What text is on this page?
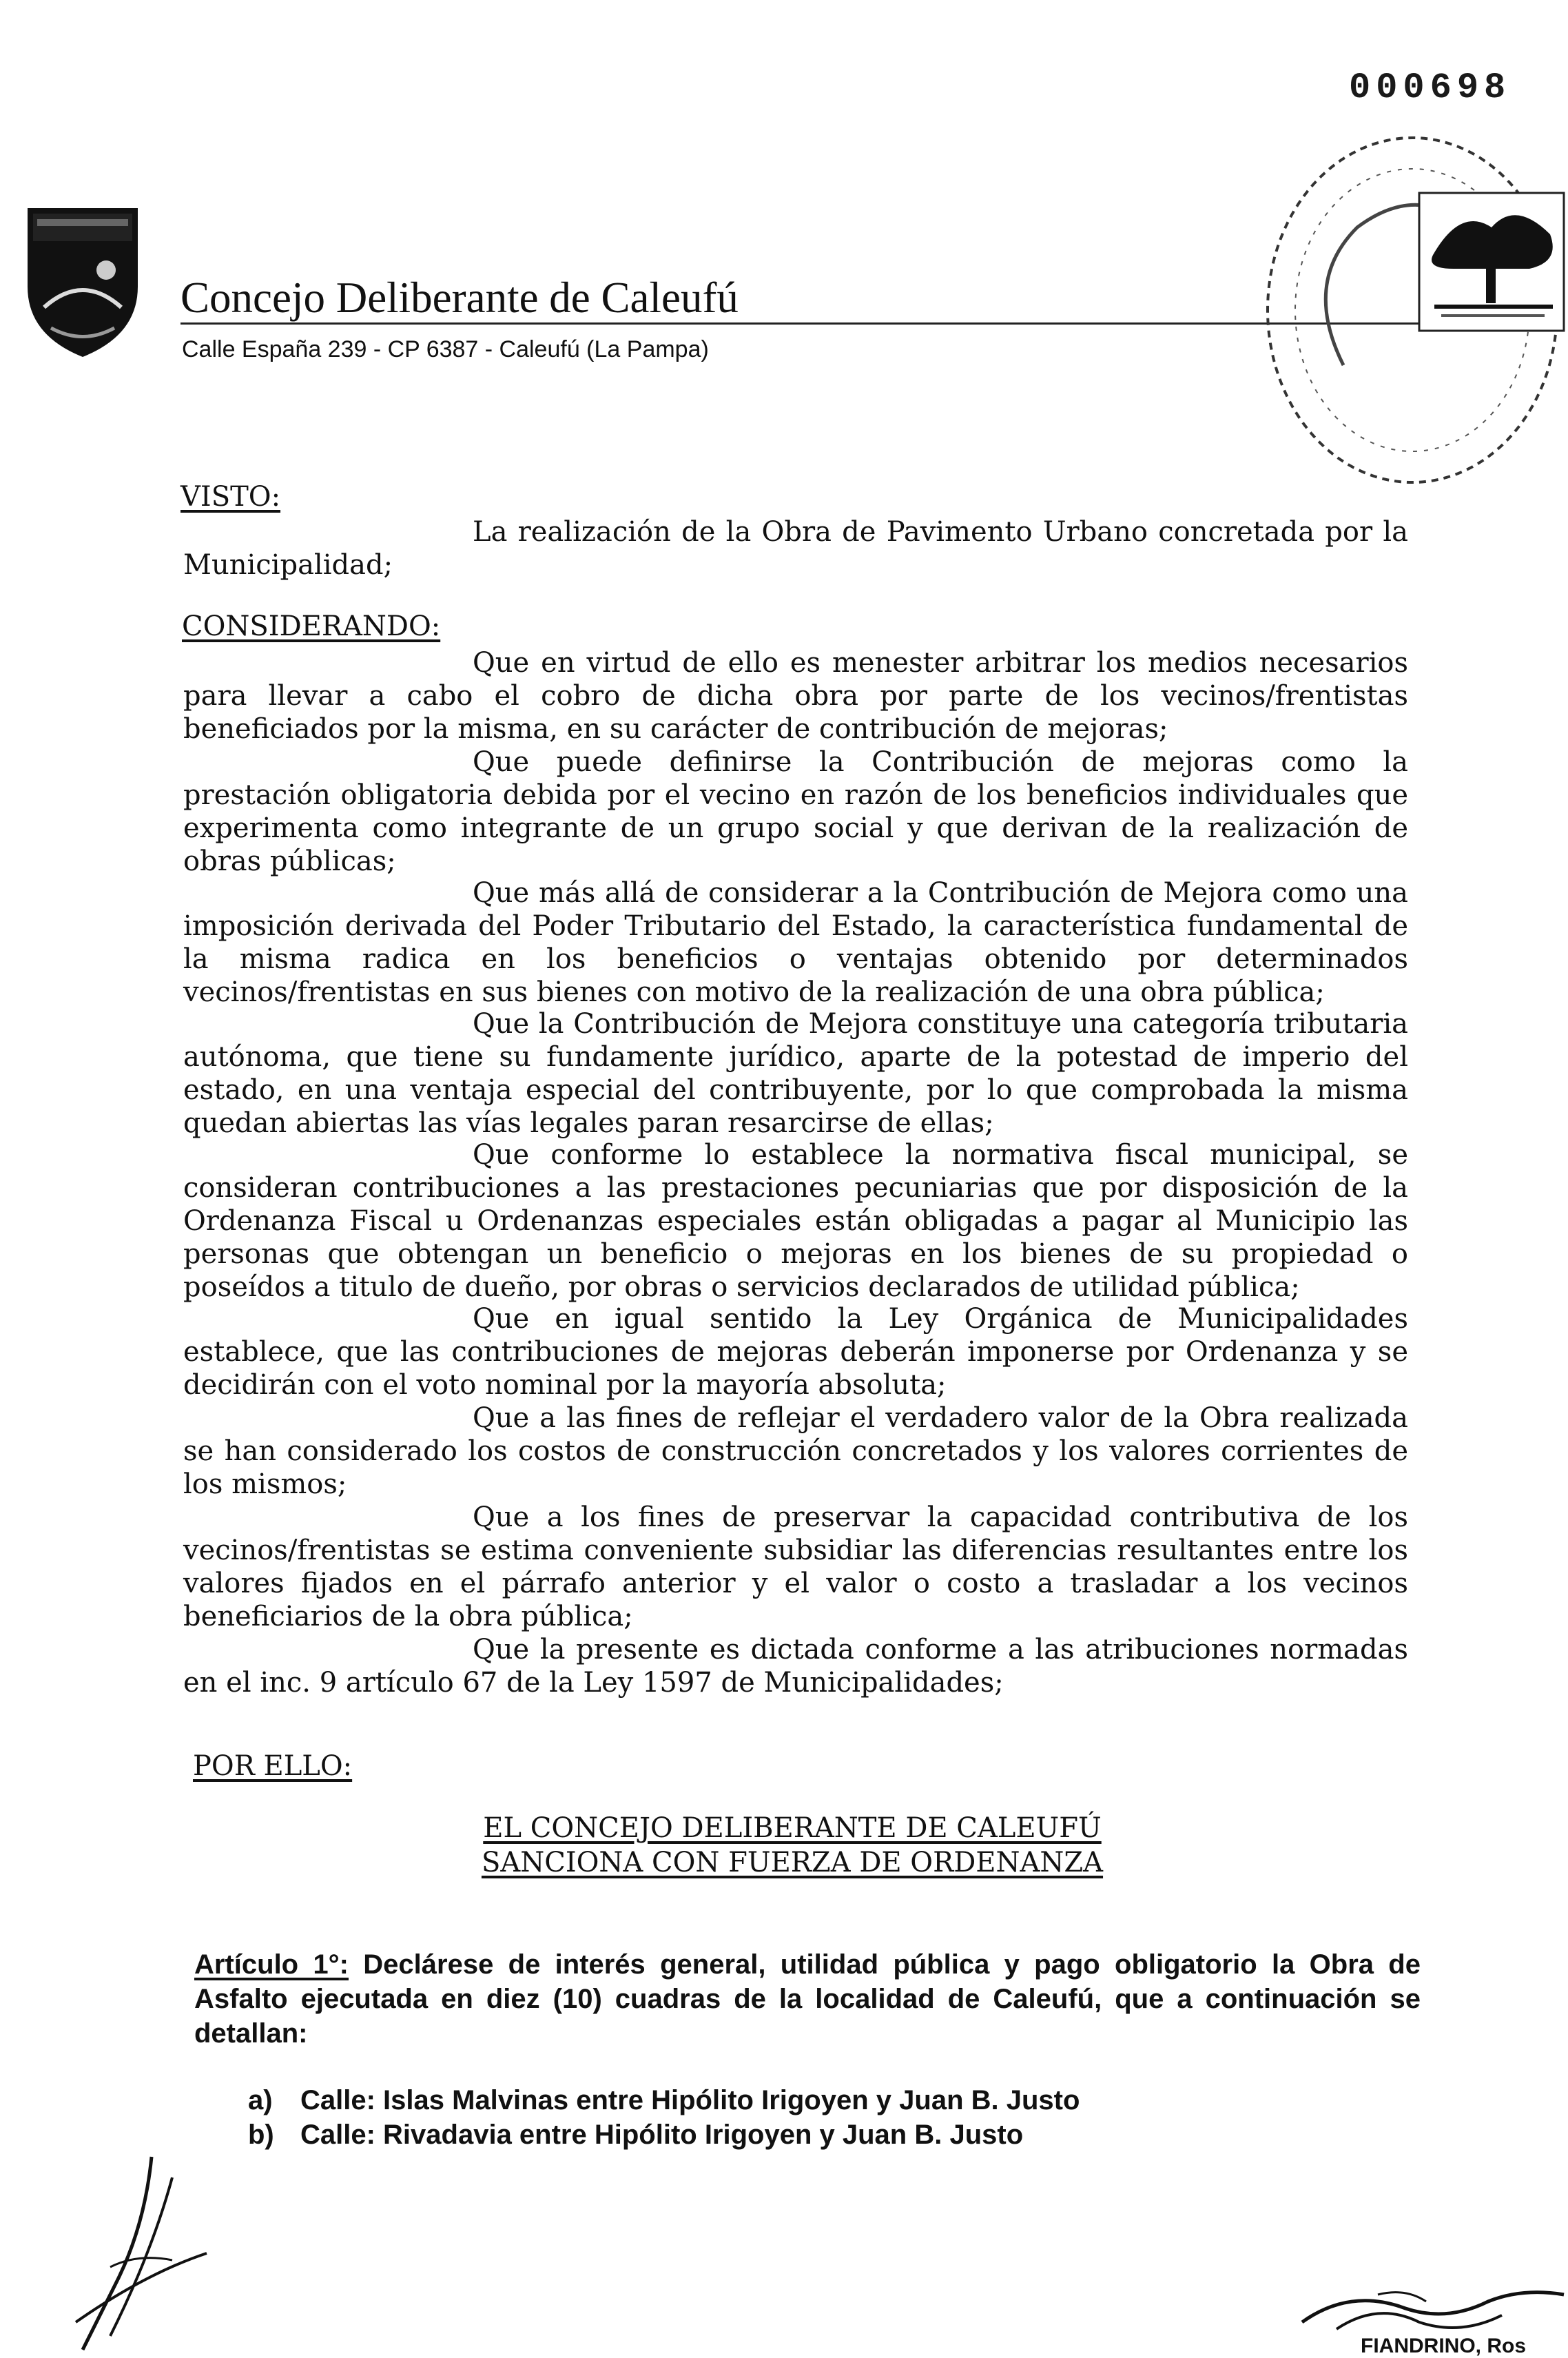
000698
Concejo Deliberante de Caleufú
Calle España 239 - CP 6387 - Caleufú (La Pampa)
VISTO:
La realización de la Obra de Pavimento Urbano concretada por la Municipalidad;
CONSIDERANDO:
Que en virtud de ello es menester arbitrar los medios necesarios para llevar a cabo el cobro de dicha obra por parte de los vecinos/frentistas beneficiados por la misma, en su carácter de contribución de mejoras;
Que puede definirse la Contribución de mejoras como la prestación obligatoria debida por el vecino en razón de los beneficios individuales que experimenta como integrante de un grupo social y que derivan de la realización de obras públicas;
Que más allá de considerar a la Contribución de Mejora como una imposición derivada del Poder Tributario del Estado, la característica fundamental de la misma radica en los beneficios o ventajas obtenido por determinados vecinos/frentistas en sus bienes con motivo de la realización de una obra pública;
Que la Contribución de Mejora constituye una categoría tributaria autónoma, que tiene su fundamente jurídico, aparte de la potestad de imperio del estado, en una ventaja especial del contribuyente, por lo que comprobada la misma quedan abiertas las vías legales paran resarcirse de ellas;
Que conforme lo establece la normativa fiscal municipal, se consideran contribuciones a las prestaciones pecuniarias que por disposición de la Ordenanza Fiscal u Ordenanzas especiales están obligadas a pagar al Municipio las personas que obtengan un beneficio o mejoras en los bienes de su propiedad o poseídos a titulo de dueño, por obras o servicios declarados de utilidad pública;
Que en igual sentido la Ley Orgánica de Municipalidades establece, que las contribuciones de mejoras deberán imponerse por Ordenanza y se decidirán con el voto nominal por la mayoría absoluta;
Que a las fines de reflejar el verdadero valor de la Obra realizada se han considerado los costos de construcción concretados y los valores corrientes de los mismos;
Que a los fines de preservar la capacidad contributiva de los vecinos/frentistas se estima conveniente subsidiar las diferencias resultantes entre los valores fijados en el párrafo anterior y el valor o costo a trasladar a los vecinos beneficiarios de la obra pública;
Que la presente es dictada conforme a las atribuciones normadas en el inc. 9 artículo 67 de la Ley 1597 de Municipalidades;
POR ELLO:
EL CONCEJO DELIBERANTE DE CALEUFÚ
SANCIONA CON FUERZA DE ORDENANZA
Artículo 1°: Declárese de interés general, utilidad pública y pago obligatorio la Obra de Asfalto ejecutada en diez (10) cuadras de la localidad de Caleufú, que a continuación se detallan:
a) Calle: Islas Malvinas entre Hipólito Irigoyen y Juan B. Justo
b) Calle: Rivadavia entre Hipólito Irigoyen y Juan B. Justo
FIANDRINO, Ros
